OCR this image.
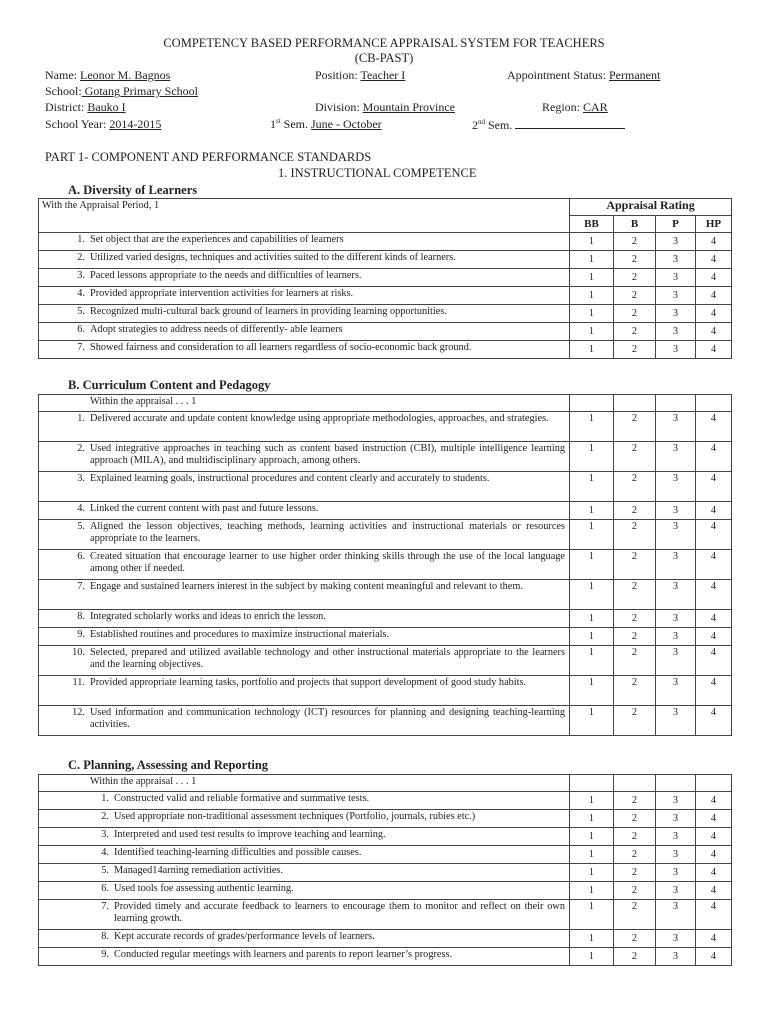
COMPETENCY BASED PERFORMANCE APPRAISAL SYSTEM FOR TEACHERS
(CB-PAST)
Name: Leonor M. Bagnos	Position: Teacher I	Appointment Status: Permanent
School: Gotang Primary School
District: Bauko I	Division: Mountain Province	Region: CAR
School Year: 2014-2015	1st Sem. June - October	2nd Sem.
PART 1- COMPONENT AND PERFORMANCE STANDARDS
1. INSTRUCTIONAL COMPETENCE
A. Diversity of Learners
With the Appraisal Period, 1	Appraisal Rating			
	BB	B	P	HP

1. Set object that are the experiences and capabilities of learners	1	2	3	4

2. Utilized varied designs, techniques and activities suited to the different kinds of learners.	1	2	3	4

3. Paced lessons appropriate to the needs and difficulties of learners.	1	2	3	4

4. Provided appropriate intervention activities for learners at risks.	1	2	3	4

5. Recognized multi-cultural back ground of learners in providing learning opportunities.	1	2	3	4

6. Adopt strategies to address needs of differently- able learners	1	2	3	4

7. Showed fairness and consideration to all learners regardless of socio-economic back ground.	1	2	3	4
B. Curriculum Content and Pedagogy
Within the appraisal . . . 1				

1. Delivered accurate and update content knowledge using appropriate methodologies, approaches, and strategies.	1	2	3	4

2. Used integrative approaches in teaching such as content based instruction (CBI), multiple intelligence learning approach (MILA), and multidisciplinary approach, among others.	1	2	3	4

3. Explained learning goals, instructional procedures and content clearly and accurately to students.	1	2	3	4

4. Linked the current content with past and future lessons.	1	2	3	4

5. Aligned the lesson objectives, teaching methods, learning activities and instructional materials or resources appropriate to the learners.	1	2	3	4

6. Created situation that encourage learner to use higher order thinking skills through the use of the local language among other if needed.	1	2	3	4

7. Engage and sustained learners interest in the subject by making content meaningful and relevant to them.	1	2	3	4

8. Integrated scholarly works and ideas to enrich the lesson.	1	2	3	4

9. Established routines and procedures to maximize instructional materials.	1	2	3	4

10. Selected, prepared and utilized available technology and other instructional materials appropriate to the learners and the learning objectives.	1	2	3	4

11. Provided appropriate learning tasks, portfolio and projects that support development of good study habits.	1	2	3	4

12. Used information and communication technology (ICT) resources for planning and designing teaching-learning activities.	1	2	3	4
C. Planning, Assessing and Reporting
Within the appraisal . . . 1				

1. Constructed valid and reliable formative and summative tests.	1	2	3	4

2. Used appropriate non-traditional assessment techniques (Portfolio, journals, rubies etc.)	1	2	3	4

3. Interpreted and used test results to improve teaching and learning.	1	2	3	4

4. Identified teaching-learning difficulties and possible causes.	1	2	3	4

5. Managed14arning remediation activities.	1	2	3	4

6. Used tools foe assessing authentic learning.	1	2	3	4

7. Provided timely and accurate feedback to learners to encourage them to monitor and reflect on their own learning growth.	1	2	3	4

8. Kept accurate records of grades/performance levels of learners.	1	2	3	4

9. Conducted regular meetings with learners and parents to report learner’s progress.	1	2	3	4
